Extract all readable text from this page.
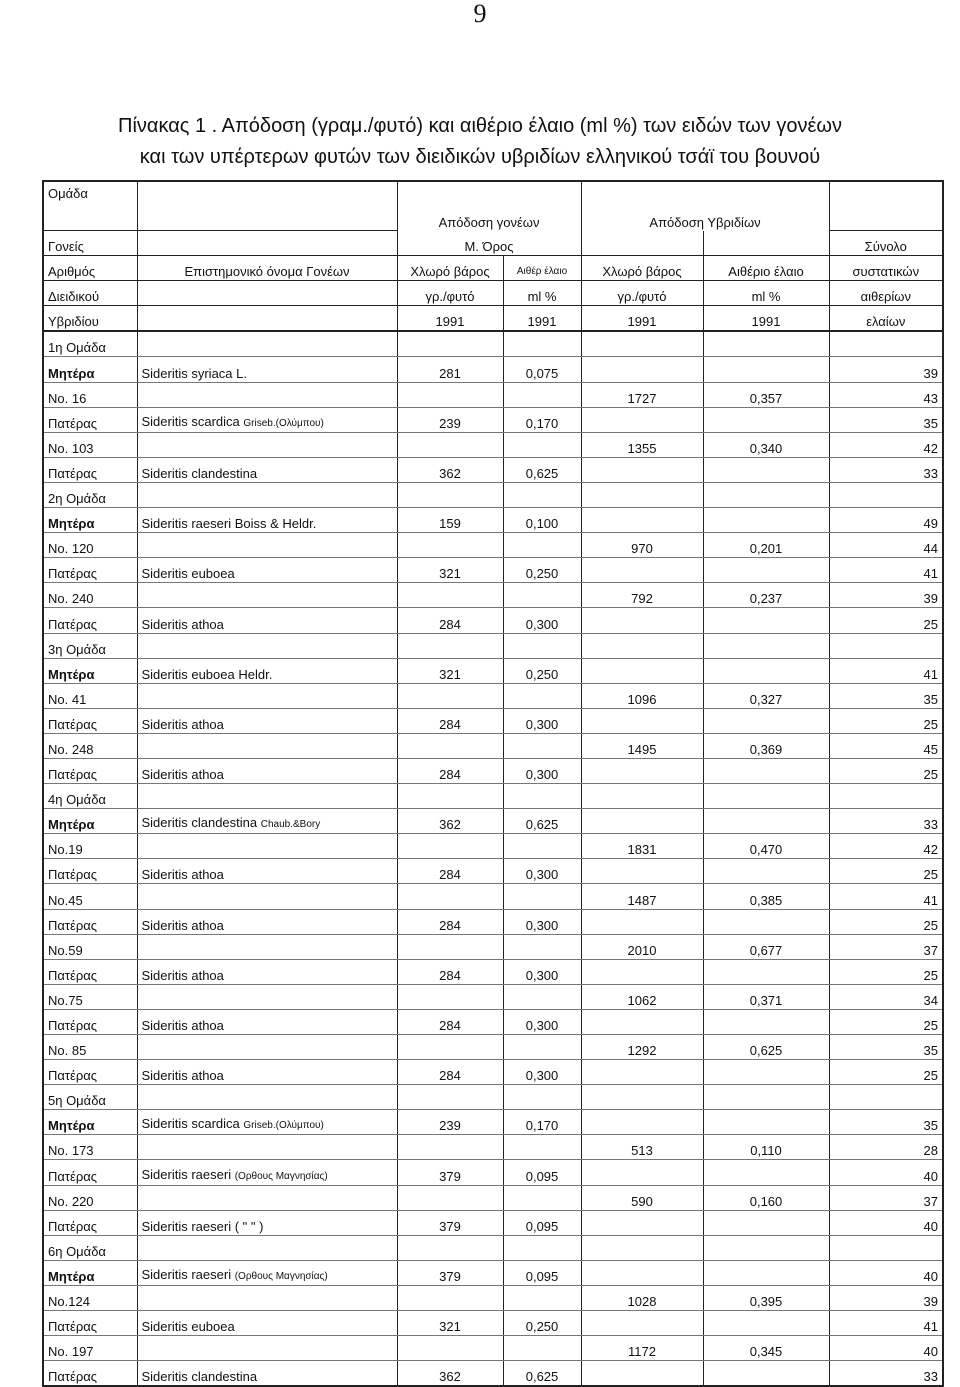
9
Πίνακας 1 . Απόδοση (γραμ./φυτό) και αιθέριο έλαιο (ml %) των ειδών των γονέων
και των υπέρτερων φυτών των διειδικών υβριδίων ελληνικού τσάϊ του βουνού
Ομάδα		Απόδοση γονέων		Απόδοση Υβριδίων		
Γονείς		Μ. Όρος				Σύνολο
Αριθμός	Επιστημονικό όνομα Γονέων	Χλωρό βάρος	Αιθέρ έλαιο	Χλωρό βάρος	Αιθέριο έλαιο	συστατικών
Διειδικού		γρ./φυτό	ml %	γρ./φυτό	ml %	αιθερίων
Υβριδίου		1991	1991	1991	1991	ελαίων
1η Ομάδα						
Μητέρα	Sideritis syriaca L.	281	0,075			39
No. 16				1727	0,357	43
Πατέρας	Sideritis scardica Griseb.(Ολύμπου)	239	0,170			35
No. 103				1355	0,340	42
Πατέρας	Sideritis clandestina	362	0,625			33
2η Ομάδα						
Μητέρα	Sideritis raeseri Boiss & Heldr.	159	0,100			49
No. 120				970	0,201	44
Πατέρας	Sideritis euboea	321	0,250			41
No. 240				792	0,237	39
Πατέρας	Sideritis athoa	284	0,300			25
3η Ομάδα						
Μητέρα	Sideritis euboea Heldr.	321	0,250			41
No. 41				1096	0,327	35
Πατέρας	Sideritis athoa	284	0,300			25
No. 248				1495	0,369	45
Πατέρας	Sideritis athoa	284	0,300			25
4η Ομάδα						
Μητέρα	Sideritis clandestina Chaub.&Bory	362	0,625			33
No.19				1831	0,470	42
Πατέρας	Sideritis athoa	284	0,300			25
No.45				1487	0,385	41
Πατέρας	Sideritis athoa	284	0,300			25
No.59				2010	0,677	37
Πατέρας	Sideritis athoa	284	0,300			25
No.75				1062	0,371	34
Πατέρας	Sideritis athoa	284	0,300			25
No. 85				1292	0,625	35
Πατέρας	Sideritis athoa	284	0,300			25
5η Ομάδα						
Μητέρα	Sideritis scardica Griseb.(Ολύμπου)	239	0,170			35
No. 173				513	0,110	28
Πατέρας	Sideritis raeseri (Ορθους Μαγνησίας)	379	0,095			40
No. 220				590	0,160	37
Πατέρας	Sideritis raeseri ( " " )	379	0,095			40
6η Ομάδα						
Μητέρα	Sideritis raeseri (Ορθους Μαγνησίας)	379	0,095			40
No.124				1028	0,395	39
Πατέρας	Sideritis euboea	321	0,250			41
No. 197				1172	0,345	40
Πατέρας	Sideritis clandestina	362	0,625			33
